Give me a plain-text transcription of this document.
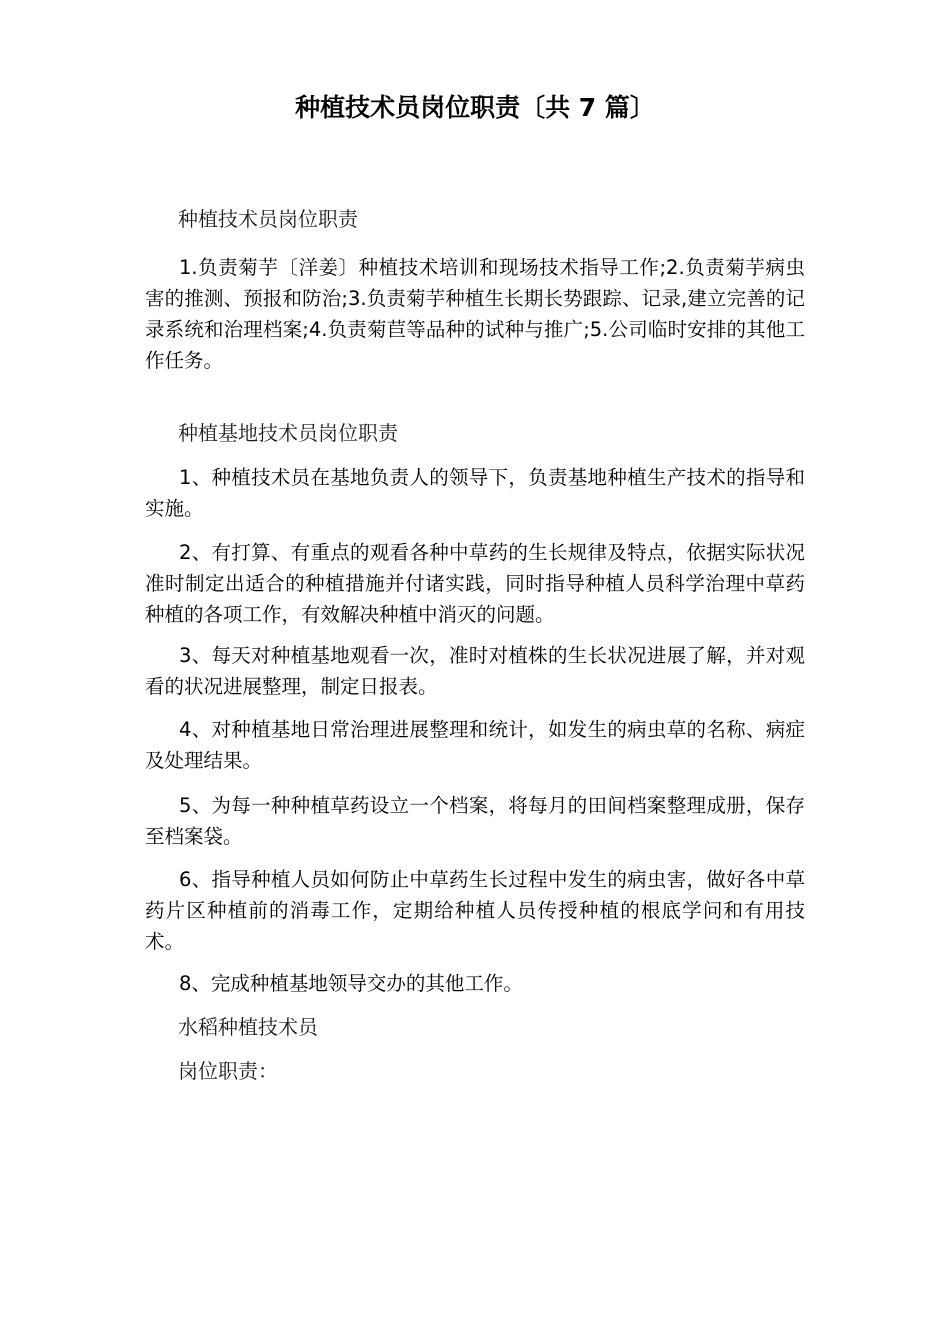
种植技术员岗位职责〔共 7 篇〕

种植技术员岗位职责

1.负责菊芋〔洋姜〕种植技术培训和现场技术指导工作;2.负责菊芋病虫害的推测、预报和防治;3.负责菊芋种植生长期长势跟踪、记录,建立完善的记录系统和治理档案;4.负责菊苣等品种的试种与推广;5.公司临时安排的其他工作任务。

种植基地技术员岗位职责

1、种植技术员在基地负责人的领导下，负责基地种植生产技术的指导和实施。

2、有打算、有重点的观看各种中草药的生长规律及特点，依据实际状况准时制定出适合的种植措施并付诸实践，同时指导种植人员科学治理中草药种植的各项工作，有效解决种植中消灭的问题。

3、每天对种植基地观看一次，准时对植株的生长状况进展了解，并对观看的状况进展整理，制定日报表。

4、对种植基地日常治理进展整理和统计，如发生的病虫草的名称、病症及处理结果。

5、为每一种种植草药设立一个档案，将每月的田间档案整理成册，保存至档案袋。

6、指导种植人员如何防止中草药生长过程中发生的病虫害，做好各中草药片区种植前的消毒工作，定期给种植人员传授种植的根底学问和有用技术。

8、完成种植基地领导交办的其他工作。

水稻种植技术员

岗位职责：
